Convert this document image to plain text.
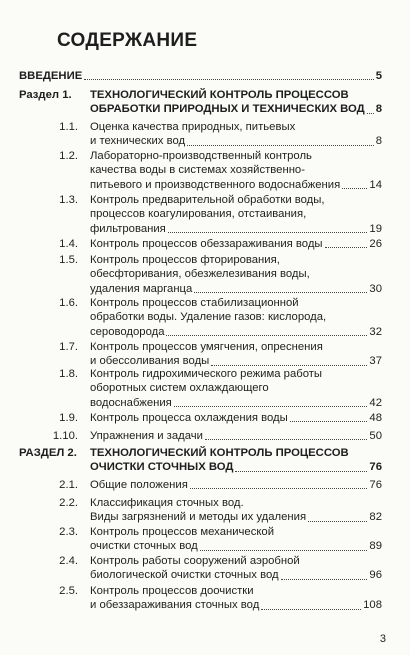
СОДЕРЖАНИЕ
ВВЕДЕНИЕ	5
Раздел 1. ТЕХНОЛОГИЧЕСКИЙ КОНТРОЛЬ ПРОЦЕССОВ
ОБРАБОТКИ ПРИРОДНЫХ И ТЕХНИЧЕСКИХ ВОД 8
1.1. Оценка качества природных, питьевых
и технических вод	8
1.2. Лабораторно-производственный контроль
качества воды в системах хозяйственно-
питьевого и производственного водоснабжения	14
1.3. Контроль предварительной обработки воды,
процессов коагулирования, отстаивания,
фильтрования	19
1.4. Контроль процессов обеззараживания воды	26
1.5. Контроль процессов фторирования,
обесфторивания, обезжелезивания воды,
удаления марганца	30
1.6. Контроль процессов стабилизационной
обработки воды. Удаление газов: кислорода,
сероводорода	32
1.7. Контроль процессов умягчения, опреснения
и обессоливания воды	37
1.8. Контроль гидрохимического режима работы
оборотных систем охлаждающего
водоснабжения	42
1.9. Контроль процесса охлаждения воды	48
1.10. Упражнения и задачи	50
РАЗДЕЛ 2. ТЕХНОЛОГИЧЕСКИЙ КОНТРОЛЬ ПРОЦЕССОВ
ОЧИСТКИ СТОЧНЫХ ВОД	76
2.1. Общие положения	76
2.2. Классификация сточных вод.
Виды загрязнений и методы их удаления	82
2.3. Контроль процессов механической
очистки сточных вод	89
2.4. Контроль работы сооружений аэробной
биологической очистки сточных вод	96
2.5. Контроль процессов доочистки
и обеззараживания сточных вод	108
3
